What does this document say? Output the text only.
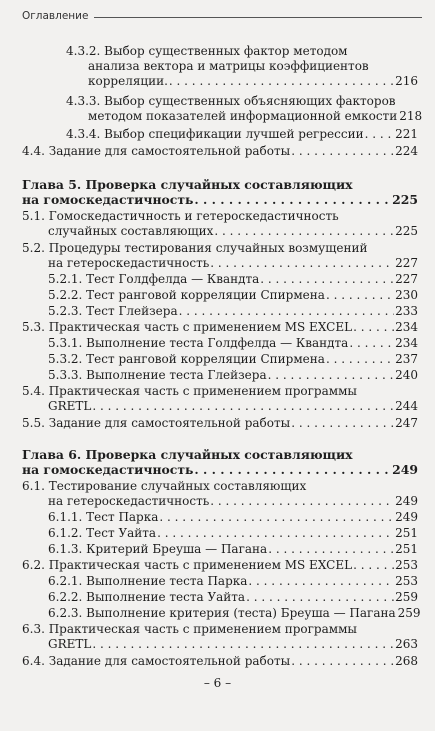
Оглавление
4.3.2. Выбор существенных фактор методом
анализа вектора и матрицы коэффициентов
корреляции. . . .	216
4.3.3. Выбор существенных объясняющих факторов
методом показателей информационной емкости 218
4.3.4. Выбор спецификации лучшей регрессии . . .	221
4.4. Задание для самостоятельной работы . . .	224
Глава 5. Проверка случайных составляющих
на гомоскедастичность . . .	225
5.1. Гомоскедастичность и гетероскедастичность
случайных составляющих . . .	225
5.2. Процедуры тестирования случайных возмущений
на гетероскедастичность . . .	227
5.2.1. Тест Голдфелда — Квандта . . .	227
5.2.2. Тест ранговой корреляции Спирмена . . .	230
5.2.3. Тест Глейзера . . .	233
5.3. Практическая часть с применением MS EXCEL . . .	234
5.3.1. Выполнение теста Голдфелда — Квандта . . .	234
5.3.2. Тест ранговой корреляции Спирмена . . .	237
5.3.3. Выполнение теста Глейзера . . .	240
5.4. Практическая часть с применением программы
GRETL . . .	244
5.5. Задание для самостоятельной работы . . .	247
Глава 6. Проверка случайных составляющих
на гомоскедастичность . . .	249
6.1. Тестирование случайных составляющих
на гетероскедастичность . . .	249
6.1.1. Тест Парка . . .	249
6.1.2. Тест Уайта . . .	251
6.1.3. Критерий Бреуша — Пагана . . .	251
6.2. Практическая часть с применением MS EXCEL . . .	253
6.2.1. Выполнение теста Парка . . .	253
6.2.2. Выполнение теста Уайта . . .	259
6.2.3. Выполнение критерия (теста) Бреуша — Пагана 259
6.3. Практическая часть с применением программы
GRETL . . .	263
6.4. Задание для самостоятельной работы . . .	268
– 6 –
